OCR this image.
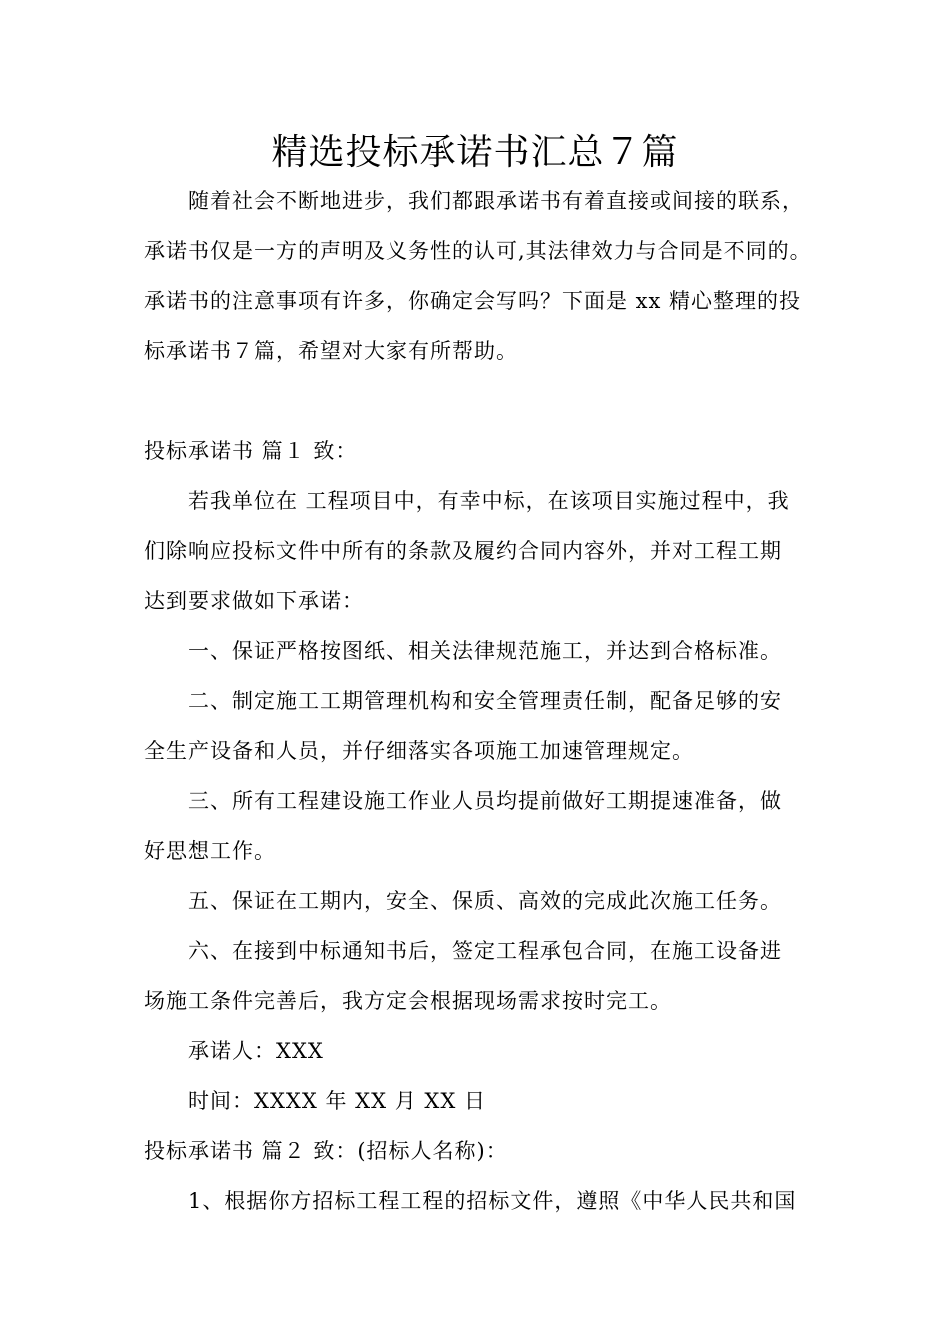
精选投标承诺书汇总７篇

随着社会不断地进步，我们都跟承诺书有着直接或间接的联系，

承诺书仅是一方的声明及义务性的认可,其法律效力与合同是不同的。

承诺书的注意事项有许多，你确定会写吗？下面是 xx 精心整理的投

标承诺书７篇，希望对大家有所帮助。

投标承诺书 篇１ 致：

若我单位在 工程项目中，有幸中标，在该项目实施过程中，我

们除响应投标文件中所有的条款及履约合同内容外，并对工程工期

达到要求做如下承诺：

一、保证严格按图纸、相关法律规范施工，并达到合格标准。

二、制定施工工期管理机构和安全管理责任制，配备足够的安

全生产设备和人员，并仔细落实各项施工加速管理规定。

三、所有工程建设施工作业人员均提前做好工期提速准备，做

好思想工作。

五、保证在工期内，安全、保质、高效的完成此次施工任务。

六、在接到中标通知书后，签定工程承包合同，在施工设备进

场施工条件完善后，我方定会根据现场需求按时完工。

承诺人：XXX

时间：XXXX 年 XX 月 XX 日

投标承诺书 篇２ 致：(招标人名称)：

1、根据你方招标工程工程的招标文件，遵照《中华人民共和国
